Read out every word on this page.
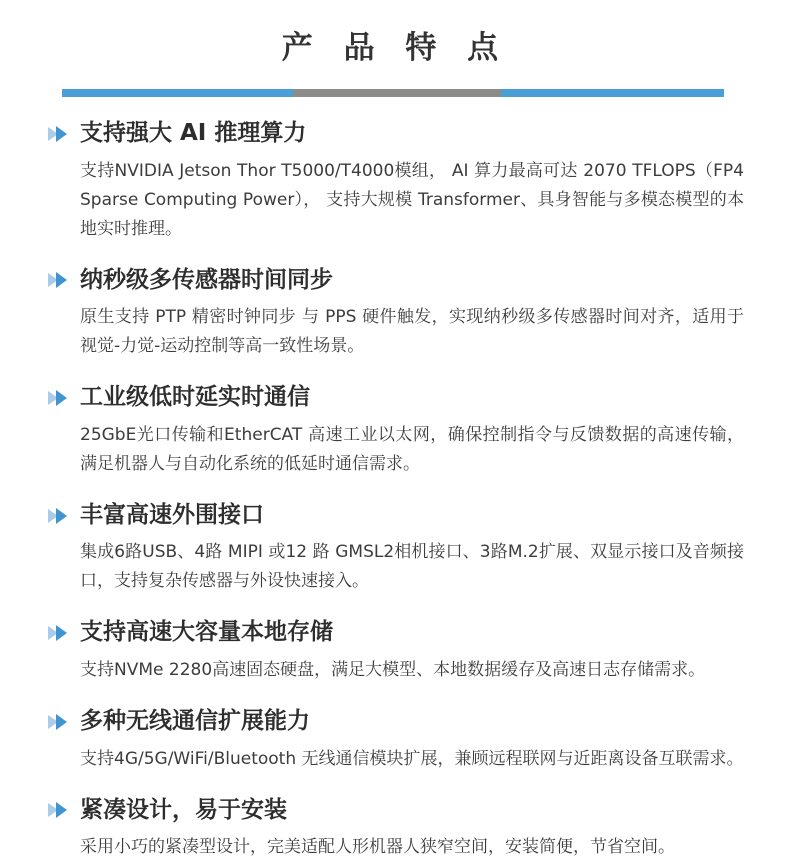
产 品 特 点
支持强大 AI 推理算力

支持NVIDIA Jetson Thor T5000/T4000模组， AI 算力最高可达 2070 TFLOPS（FP4 Sparse Computing Power）， 支持大规模 Transformer、具身智能与多模态模型的本地实时推理。

纳秒级多传感器时间同步

原生支持 PTP 精密时钟同步 与 PPS 硬件触发，实现纳秒级多传感器时间对齐，适用于视觉-力觉-运动控制等高一致性场景。

工业级低时延实时通信

25GbE光口传输和EtherCAT 高速工业以太网，确保控制指令与反馈数据的高速传输，满足机器人与自动化系统的低延时通信需求。

丰富高速外围接口

集成6路USB、4路 MIPI 或12 路 GMSL2相机接口、3路M.2扩展、双显示接口及音频接口，支持复杂传感器与外设快速接入。

支持高速大容量本地存储

支持NVMe 2280高速固态硬盘，满足大模型、本地数据缓存及高速日志存储需求。

多种无线通信扩展能力

支持4G/5G/WiFi/Bluetooth 无线通信模块扩展，兼顾远程联网与近距离设备互联需求。

紧凑设计，易于安装

采用小巧的紧凑型设计，完美适配人形机器人狭窄空间，安装简便，节省空间。
